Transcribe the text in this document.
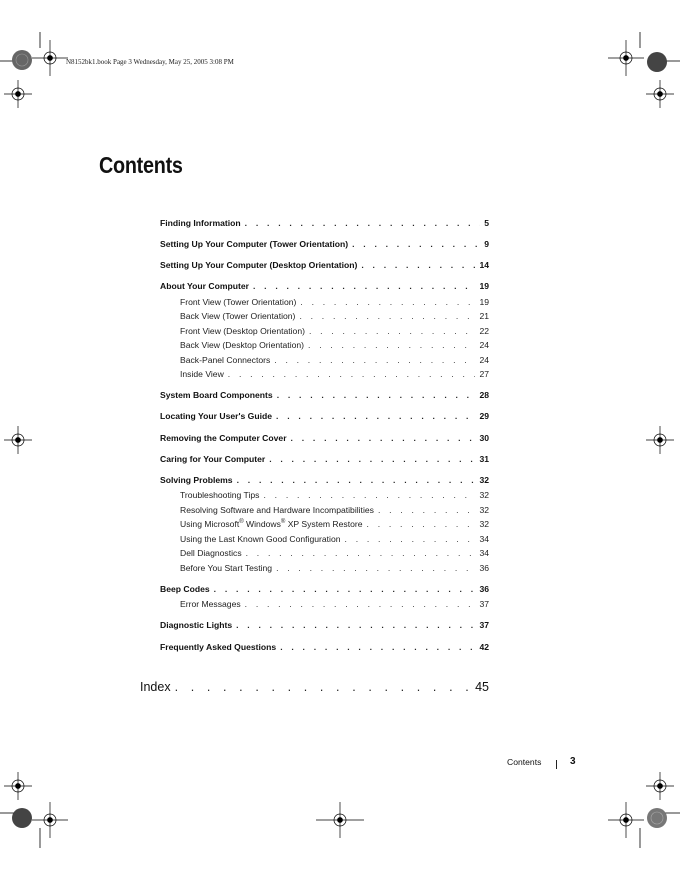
N8152bk1.book Page 3 Wednesday, May 25, 2005 3:08 PM
Contents
Finding Information . . .	5
Setting Up Your Computer (Tower Orientation) . . .	9
Setting Up Your Computer (Desktop Orientation) . . .	14
About Your Computer . . .	19
Front View (Tower Orientation) . . .	19
Back View (Tower Orientation) . . .	21
Front View (Desktop Orientation) . . .	22
Back View (Desktop Orientation) . . .	24
Back-Panel Connectors . . .	24
Inside View . . .	27
System Board Components . . .	28
Locating Your User's Guide . . .	29
Removing the Computer Cover . . .	30
Caring for Your Computer . . .	31
Solving Problems . . .	32
Troubleshooting Tips . . .	32
Resolving Software and Hardware Incompatibilities . . .	32
Using Microsoft® Windows® XP System Restore . . .	32
Using the Last Known Good Configuration . . .	34
Dell Diagnostics . . .	34
Before You Start Testing . . .	36
Beep Codes . . .	36
Error Messages . . .	37
Diagnostic Lights . . .	37
Frequently Asked Questions . . .	42
Index . . .	45
Contents	3
